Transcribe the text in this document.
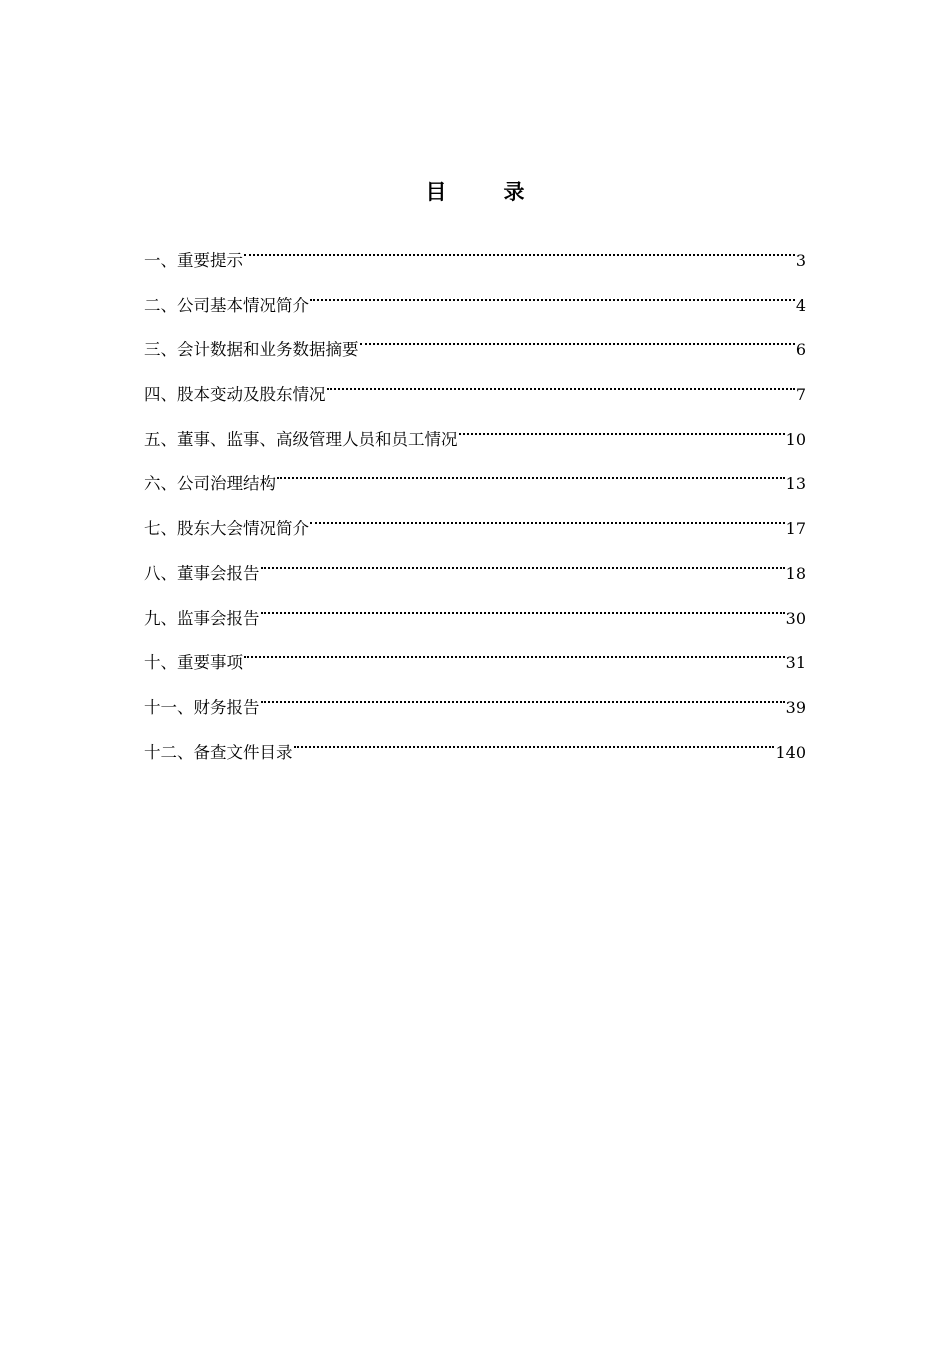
目	录
一、重要提示	3
二、公司基本情况简介	4
三、会计数据和业务数据摘要	6
四、股本变动及股东情况	7
五、董事、监事、高级管理人员和员工情况	10
六、公司治理结构	13
七、股东大会情况简介	17
八、董事会报告	18
九、监事会报告	30
十、重要事项	31
十一、财务报告	39
十二、备查文件目录	140
